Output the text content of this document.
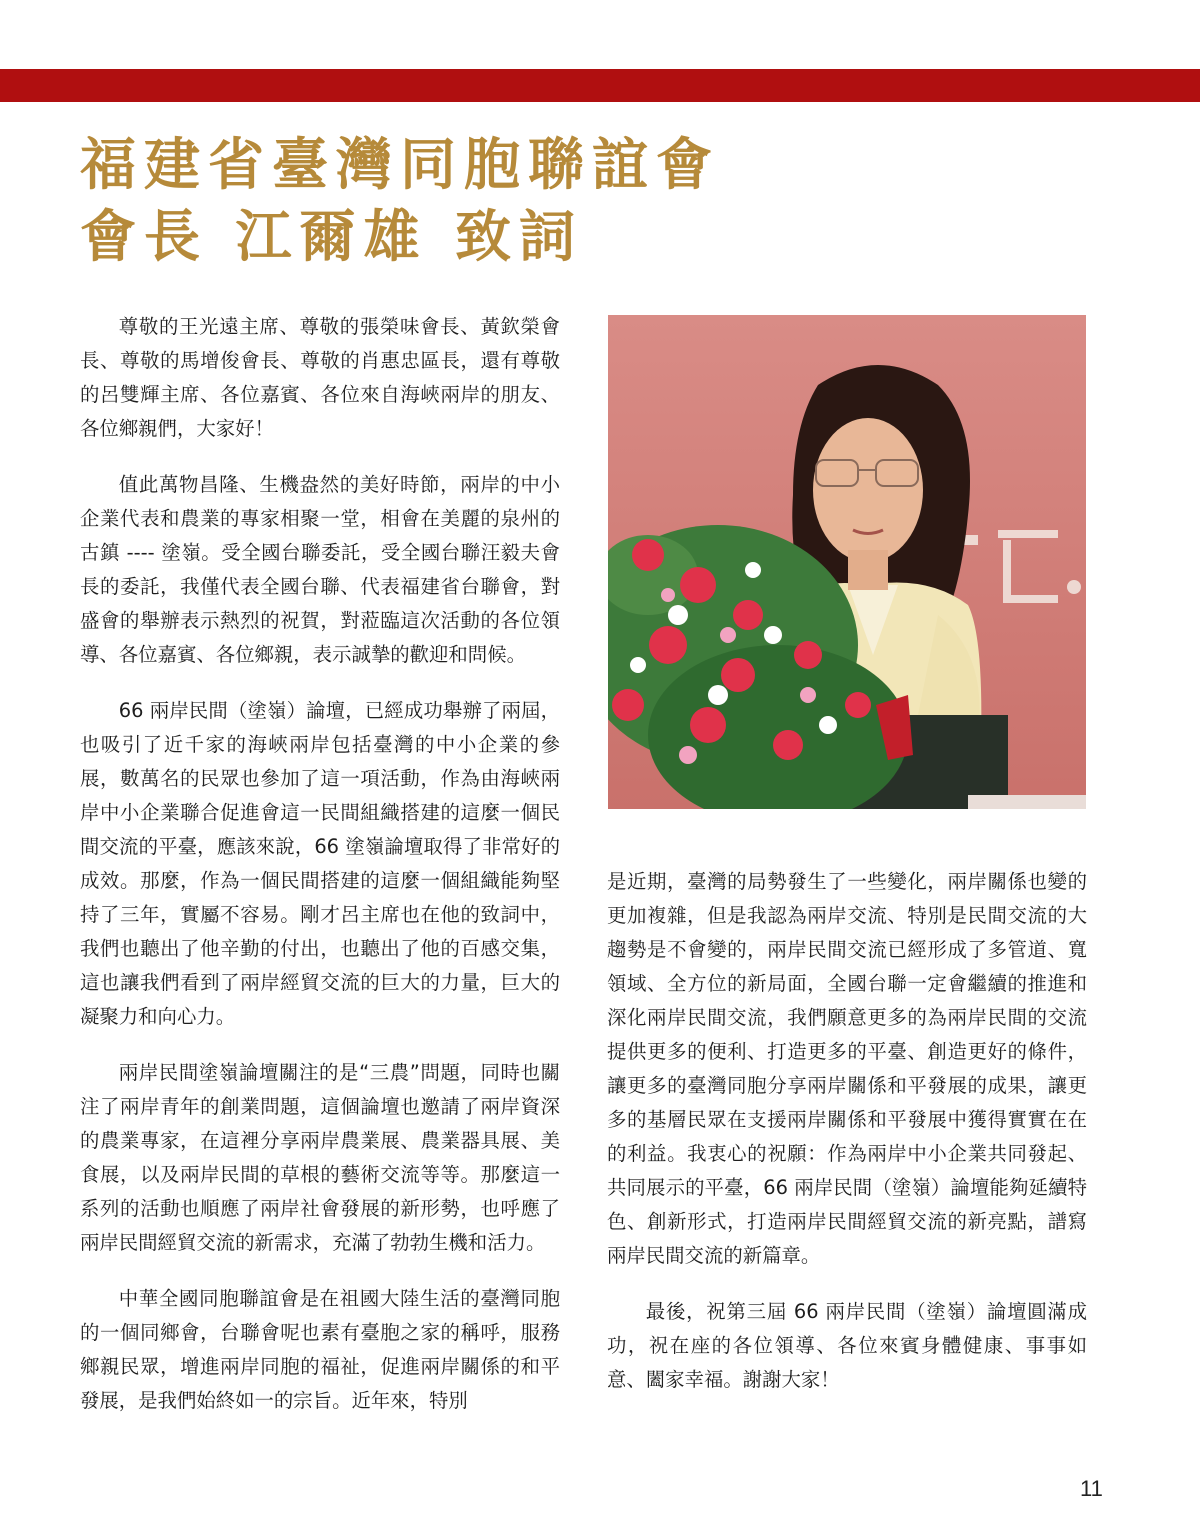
福建省臺灣同胞聯誼會
會長 江爾雄 致詞

尊敬的王光遠主席、尊敬的張榮味會長、黃欽榮會長、尊敬的馬增俊會長、尊敬的肖惠忠區長，還有尊敬的呂雙輝主席、各位嘉賓、各位來自海峽兩岸的朋友、各位鄉親們，大家好！

值此萬物昌隆、生機盎然的美好時節，兩岸的中小企業代表和農業的專家相聚一堂，相會在美麗的泉州的古鎮 ---- 塗嶺。受全國台聯委託，受全國台聯汪毅夫會長的委託，我僅代表全國台聯、代表福建省台聯會，對盛會的舉辦表示熱烈的祝賀，對蒞臨這次活動的各位領導、各位嘉賓、各位鄉親，表示誠摯的歡迎和問候。

66 兩岸民間（塗嶺）論壇，已經成功舉辦了兩屆，也吸引了近千家的海峽兩岸包括臺灣的中小企業的參展，數萬名的民眾也參加了這一項活動，作為由海峽兩岸中小企業聯合促進會這一民間組織搭建的這麼一個民間交流的平臺，應該來說，66 塗嶺論壇取得了非常好的成效。那麼，作為一個民間搭建的這麼一個組織能夠堅持了三年，實屬不容易。剛才呂主席也在他的致詞中，我們也聽出了他辛勤的付出，也聽出了他的百感交集，這也讓我們看到了兩岸經貿交流的巨大的力量，巨大的凝聚力和向心力。

兩岸民間塗嶺論壇關注的是“三農”問題，同時也關注了兩岸青年的創業問題，這個論壇也邀請了兩岸資深的農業專家，在這裡分享兩岸農業展、農業器具展、美食展，以及兩岸民間的草根的藝術交流等等。那麼這一系列的活動也順應了兩岸社會發展的新形勢，也呼應了兩岸民間經貿交流的新需求，充滿了勃勃生機和活力。

中華全國同胞聯誼會是在祖國大陸生活的臺灣同胞的一個同鄉會，台聯會呢也素有臺胞之家的稱呼，服務鄉親民眾，增進兩岸同胞的福祉，促進兩岸關係的和平發展，是我們始終如一的宗旨。近年來，特別

是近期，臺灣的局勢發生了一些變化，兩岸關係也變的更加複雜，但是我認為兩岸交流、特別是民間交流的大趨勢是不會變的，兩岸民間交流已經形成了多管道、寬領域、全方位的新局面，全國台聯一定會繼續的推進和深化兩岸民間交流，我們願意更多的為兩岸民間的交流提供更多的便利、打造更多的平臺、創造更好的條件，讓更多的臺灣同胞分享兩岸關係和平發展的成果，讓更多的基層民眾在支援兩岸關係和平發展中獲得實實在在的利益。我衷心的祝願：作為兩岸中小企業共同發起、共同展示的平臺，66 兩岸民間（塗嶺）論壇能夠延續特色、創新形式，打造兩岸民間經貿交流的新亮點，譜寫兩岸民間交流的新篇章。

最後，祝第三屆 66 兩岸民間（塗嶺）論壇圓滿成功，祝在座的各位領導、各位來賓身體健康、事事如意、闔家幸福。謝謝大家！

11
